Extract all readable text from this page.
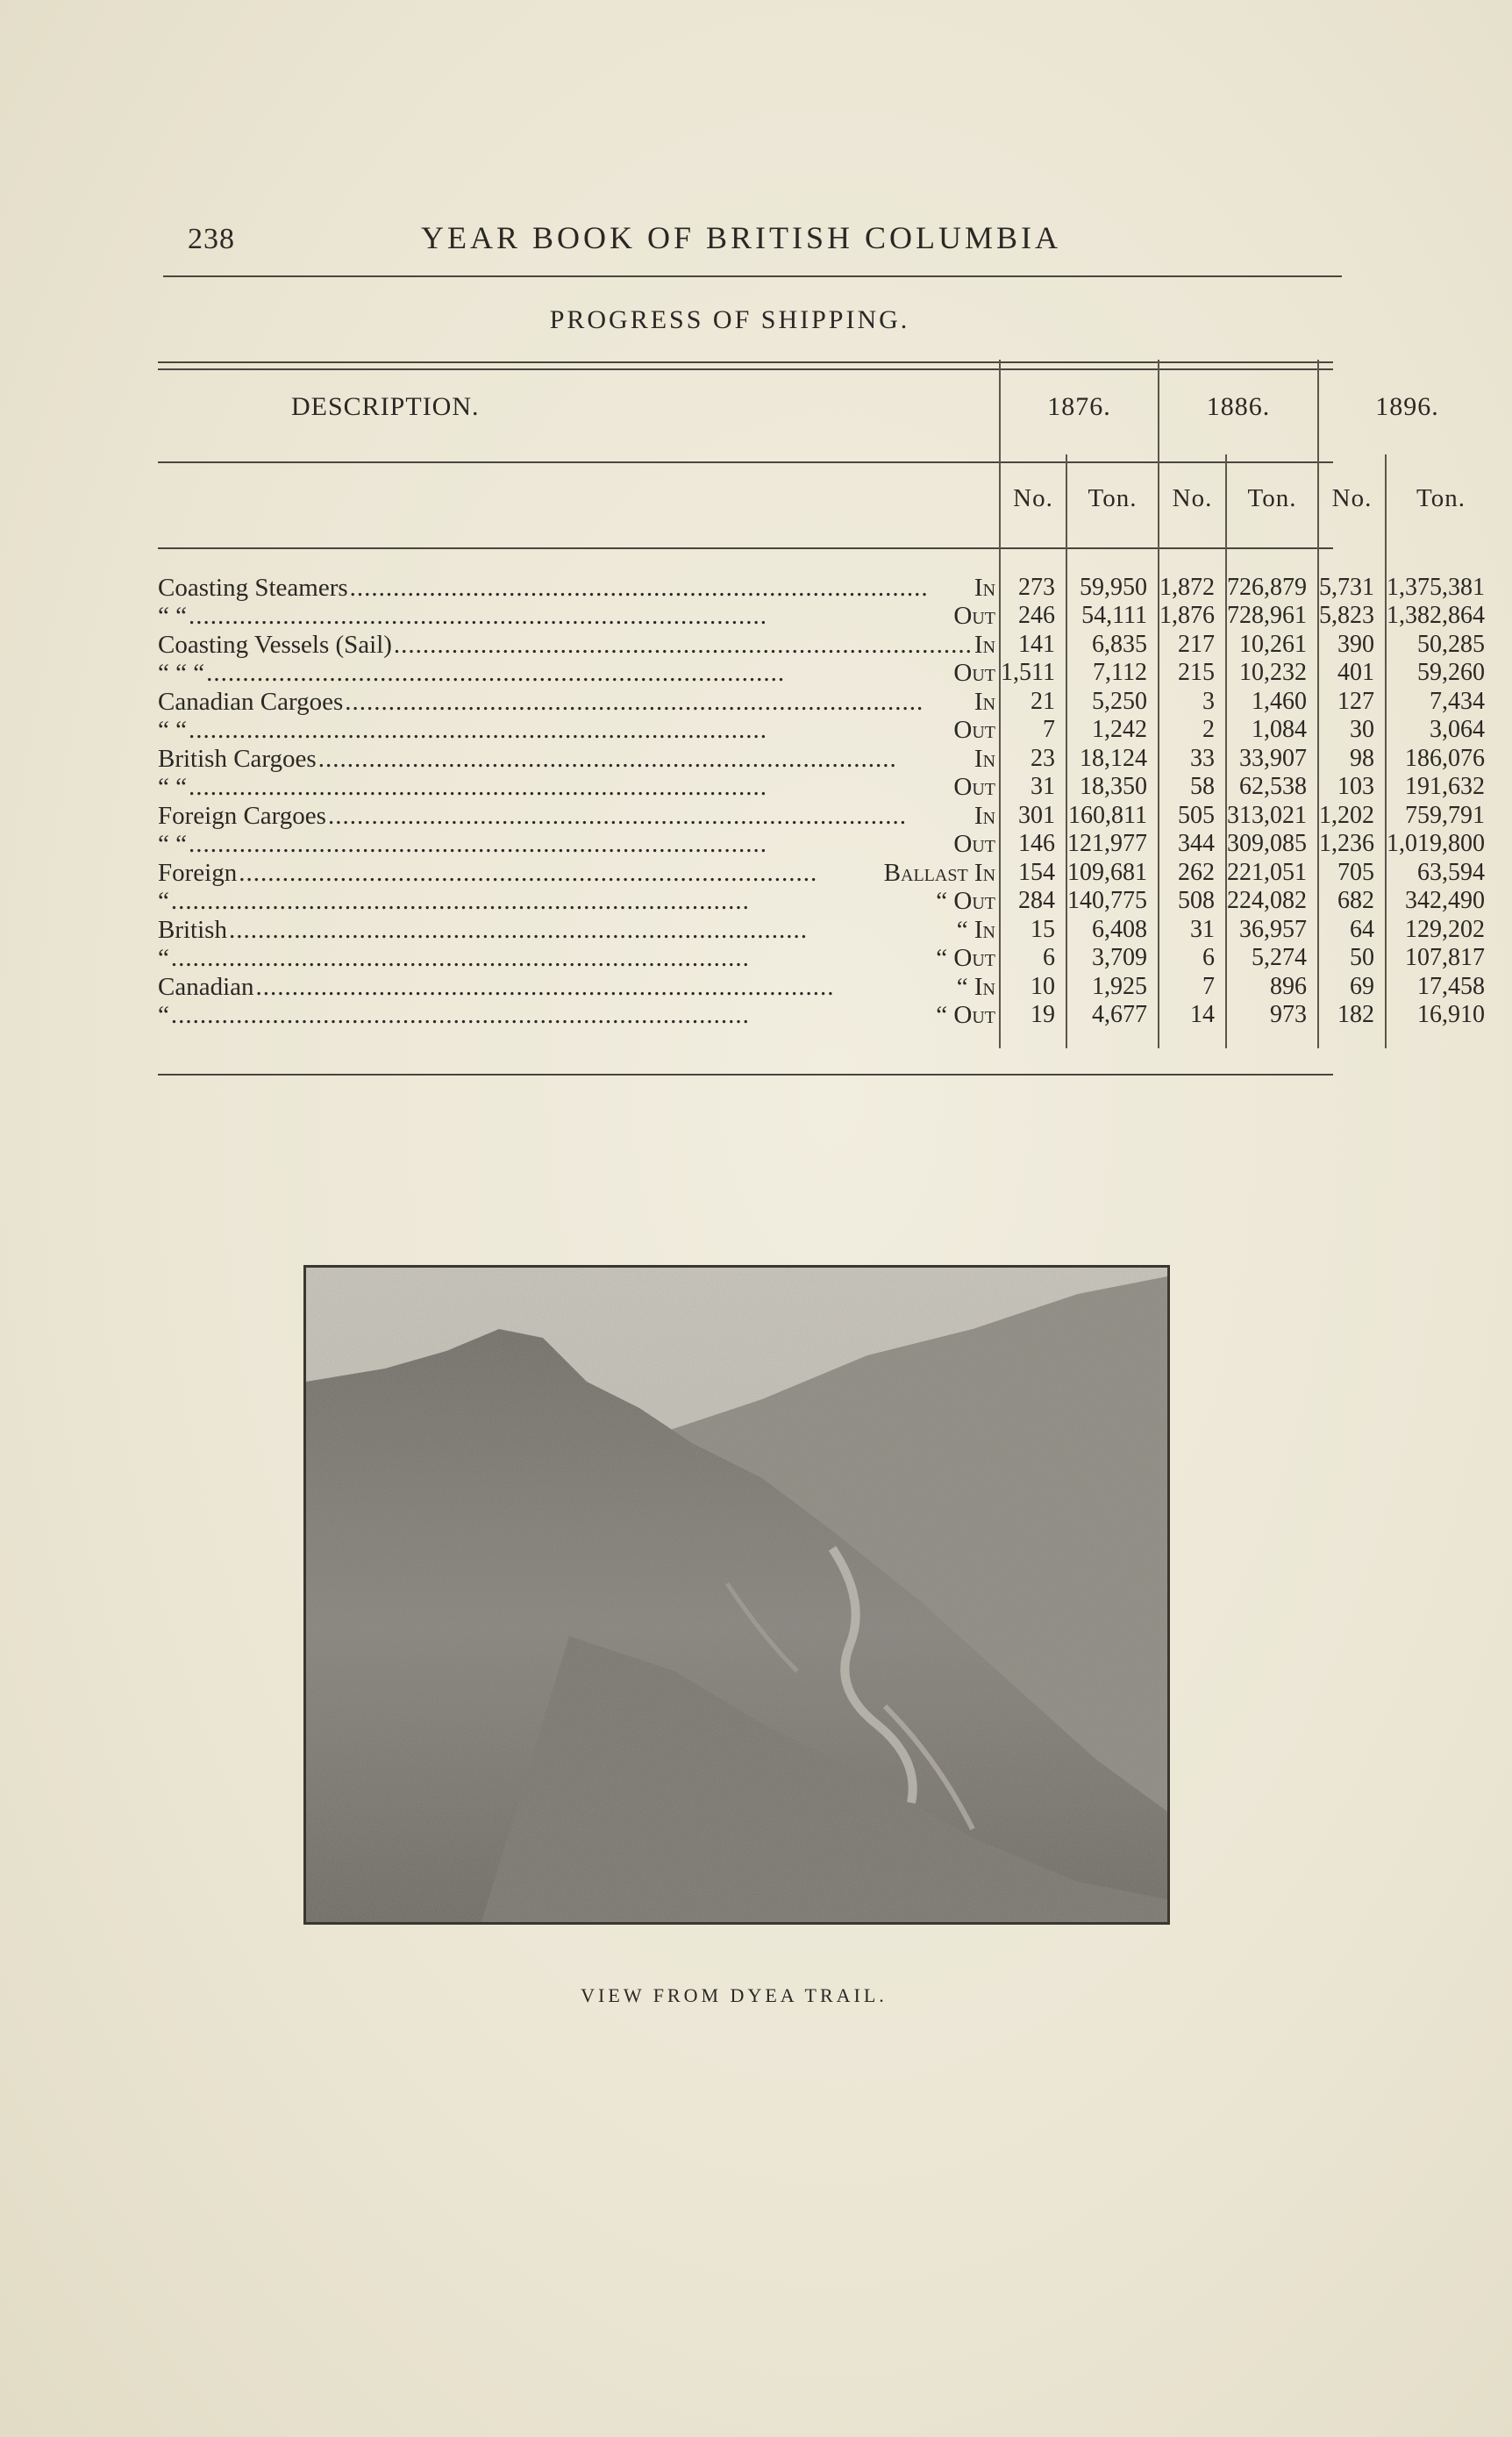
238	YEAR BOOK OF BRITISH COLUMBIA
PROGRESS OF SHIPPING.
DESCRIPTION.	1876.		1886.		1896.	
	No.	Ton.	No.	Ton.	No.	Ton.

Coasting Steamers ................................................................................	In 273	59,950	1,872	726,879	5,731	1,375,381

“ “ ................................................................................	Out 246	54,111	1,876	728,961	5,823	1,382,864

Coasting Vessels (Sail) ................................................................................ In 141	6,835	217	10,261	390	50,285

“ “ “ ................................................................................	Out 1,511	7,112	215	10,232	401	59,260

Canadian Cargoes ................................................................................	In 21	5,250	3	1,460	127	7,434

“ “ ................................................................................	Out 7	1,242	2	1,084	30	3,064

British Cargoes ................................................................................	In 23	18,124	33	33,907	98	186,076

“ “ ................................................................................	Out 31	18,350	58	62,538	103	191,632

Foreign Cargoes ................................................................................	In 301	160,811	505	313,021	1,202	759,791

“ “ ................................................................................	Out 146	121,977	344	309,085	1,236	1,019,800

Foreign ................................................................................	Ballast In 154	109,681	262	221,051	705	63,594

“ ................................................................................	“ Out 284	140,775	508	224,082	682	342,490

British ................................................................................	“ In 15	6,408	31	36,957	64	129,202

“ ................................................................................	“ Out 6	3,709	6	5,274	50	107,817

Canadian ................................................................................	“ In 10	1,925	7	896	69	17,458

“ ................................................................................	“ Out 19	4,677	14	973	182	16,910
VIEW FROM DYEA TRAIL.
